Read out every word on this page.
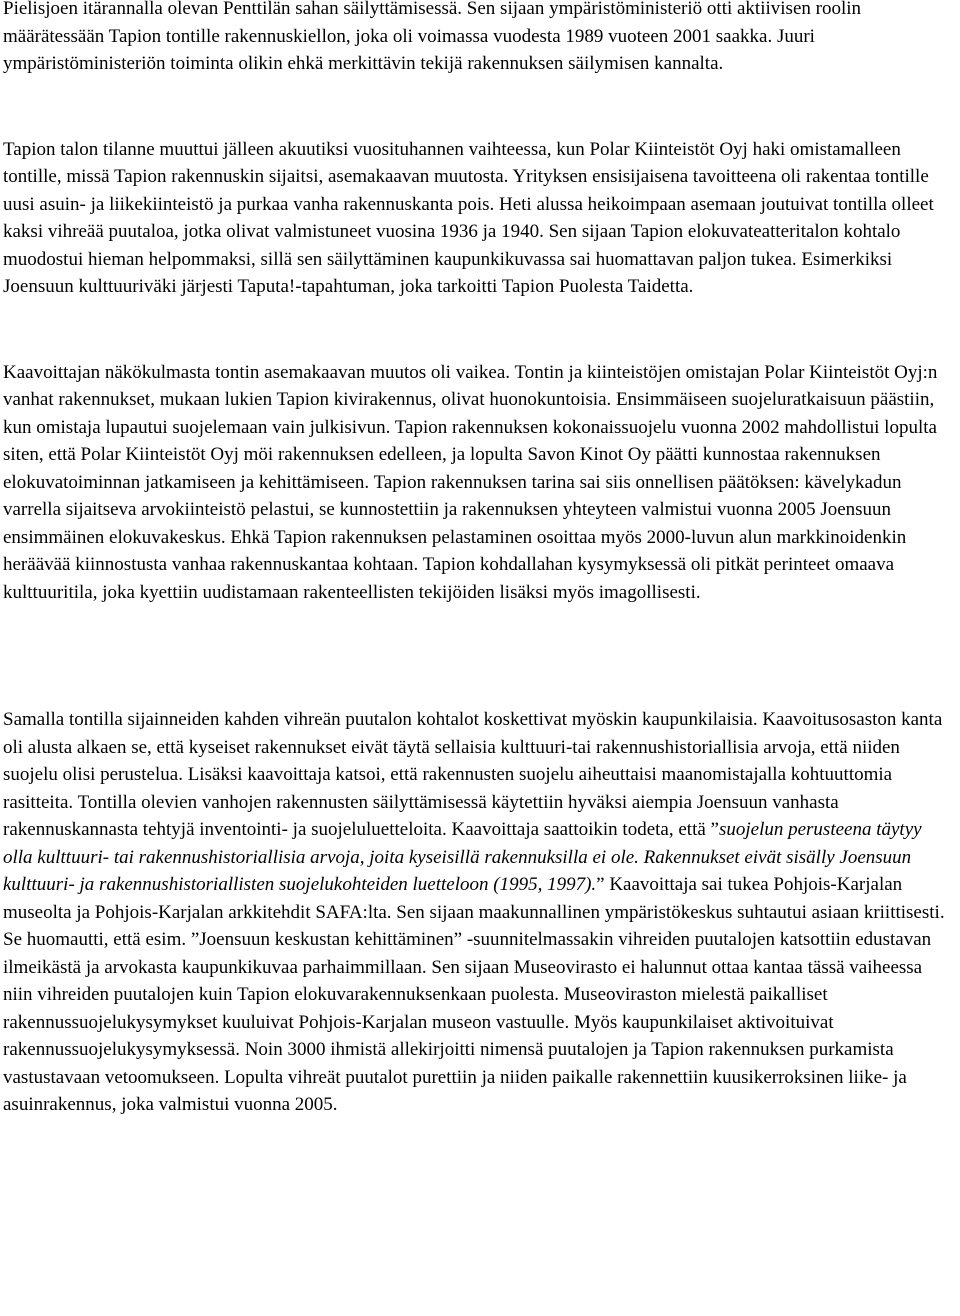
Pielisjoen itärannalla olevan Penttilän sahan säilyttämisessä. Sen sijaan ympäristöministeriö otti aktiivisen roolin määrätessään Tapion tontille rakennuskiellon, joka oli voimassa vuodesta 1989 vuoteen 2001 saakka. Juuri ympäristöministeriön toiminta olikin ehkä merkittävin tekijä rakennuksen säilymisen kannalta.

Tapion talon tilanne muuttui jälleen akuutiksi vuosituhannen vaihteessa, kun Polar Kiinteistöt Oyj haki omistamalleen tontille, missä Tapion rakennuskin sijaitsi, asemakaavan muutosta. Yrityksen ensisijaisena tavoitteena oli rakentaa tontille uusi asuin- ja liikekiinteistö ja purkaa vanha rakennuskanta pois. Heti alussa heikoimpaan asemaan joutuivat tontilla olleet kaksi vihreää puutaloa, jotka olivat valmistuneet vuosina 1936 ja 1940. Sen sijaan Tapion elokuvateatteritalon kohtalo muodostui hieman helpommaksi, sillä sen säilyttäminen kaupunkikuvassa sai huomattavan paljon tukea. Esimerkiksi Joensuun kulttuuriväki järjesti Taputa!-tapahtuman, joka tarkoitti Tapion Puolesta Taidetta.

Kaavoittajan näkökulmasta tontin asemakaavan muutos oli vaikea. Tontin ja kiinteistöjen omistajan Polar Kiinteistöt Oyj:n vanhat rakennukset, mukaan lukien Tapion kivirakennus, olivat huonokuntoisia. Ensimmäiseen suojeluratkaisuun päästiin, kun omistaja lupautui suojelemaan vain julkisivun. Tapion rakennuksen kokonaissuojelu vuonna 2002 mahdollistui lopulta siten, että Polar Kiinteistöt Oyj möi rakennuksen edelleen, ja lopulta Savon Kinot Oy päätti kunnostaa rakennuksen elokuvatoiminnan jatkamiseen ja kehittämiseen. Tapion rakennuksen tarina sai siis onnellisen päätöksen: kävelykadun varrella sijaitseva arvokiinteistö pelastui, se kunnostettiin ja rakennuksen yhteyteen valmistui vuonna 2005 Joensuun ensimmäinen elokuvakeskus. Ehkä Tapion rakennuksen pelastaminen osoittaa myös 2000-luvun alun markkinoidenkin heräävää kiinnostusta vanhaa rakennuskantaa kohtaan. Tapion kohdallahan kysymyksessä oli pitkät perinteet omaava kulttuuritila, joka kyettiin uudistamaan rakenteellisten tekijöiden lisäksi myös imagollisesti.

Samalla tontilla sijainneiden kahden vihreän puutalon kohtalot koskettivat myöskin kaupunkilaisia. Kaavoitusosaston kanta oli alusta alkaen se, että kyseiset rakennukset eivät täytä sellaisia kulttuuri-tai rakennushistoriallisia arvoja, että niiden suojelu olisi perustelua. Lisäksi kaavoittaja katsoi, että rakennusten suojelu aiheuttaisi maanomistajalla kohtuuttomia rasitteita. Tontilla olevien vanhojen rakennusten säilyttämisessä käytettiin hyväksi aiempia Joensuun vanhasta rakennuskannasta tehtyjä inventointi- ja suojeluluetteloita. Kaavoittaja saattoikin todeta, että ”suojelun perusteena täytyy olla kulttuuri- tai rakennushistoriallisia arvoja, joita kyseisillä rakennuksilla ei ole. Rakennukset eivät sisälly Joensuun kulttuuri- ja rakennushistoriallisten suojelukohteiden luetteloon (1995, 1997).” Kaavoittaja sai tukea Pohjois-Karjalan museolta ja Pohjois-Karjalan arkkitehdit SAFA:lta. Sen sijaan maakunnallinen ympäristökeskus suhtautui asiaan kriittisesti. Se huomautti, että esim. ”Joensuun keskustan kehittäminen” -suunnitelmassakin vihreiden puutalojen katsottiin edustavan ilmeikästä ja arvokasta kaupunkikuvaa parhaimmillaan. Sen sijaan Museovirasto ei halunnut ottaa kantaa tässä vaiheessa niin vihreiden puutalojen kuin Tapion elokuvarakennuksenkaan puolesta. Museoviraston mielestä paikalliset rakennussuojelukysymykset kuuluivat Pohjois-Karjalan museon vastuulle. Myös kaupunkilaiset aktivoituivat rakennussuojelukysymyksessä. Noin 3000 ihmistä allekirjoitti nimensä puutalojen ja Tapion rakennuksen purkamista vastustavaan vetoomukseen. Lopulta vihreät puutalot purettiin ja niiden paikalle rakennettiin kuusikerroksinen liike- ja asuinrakennus, joka valmistui vuonna 2005.
